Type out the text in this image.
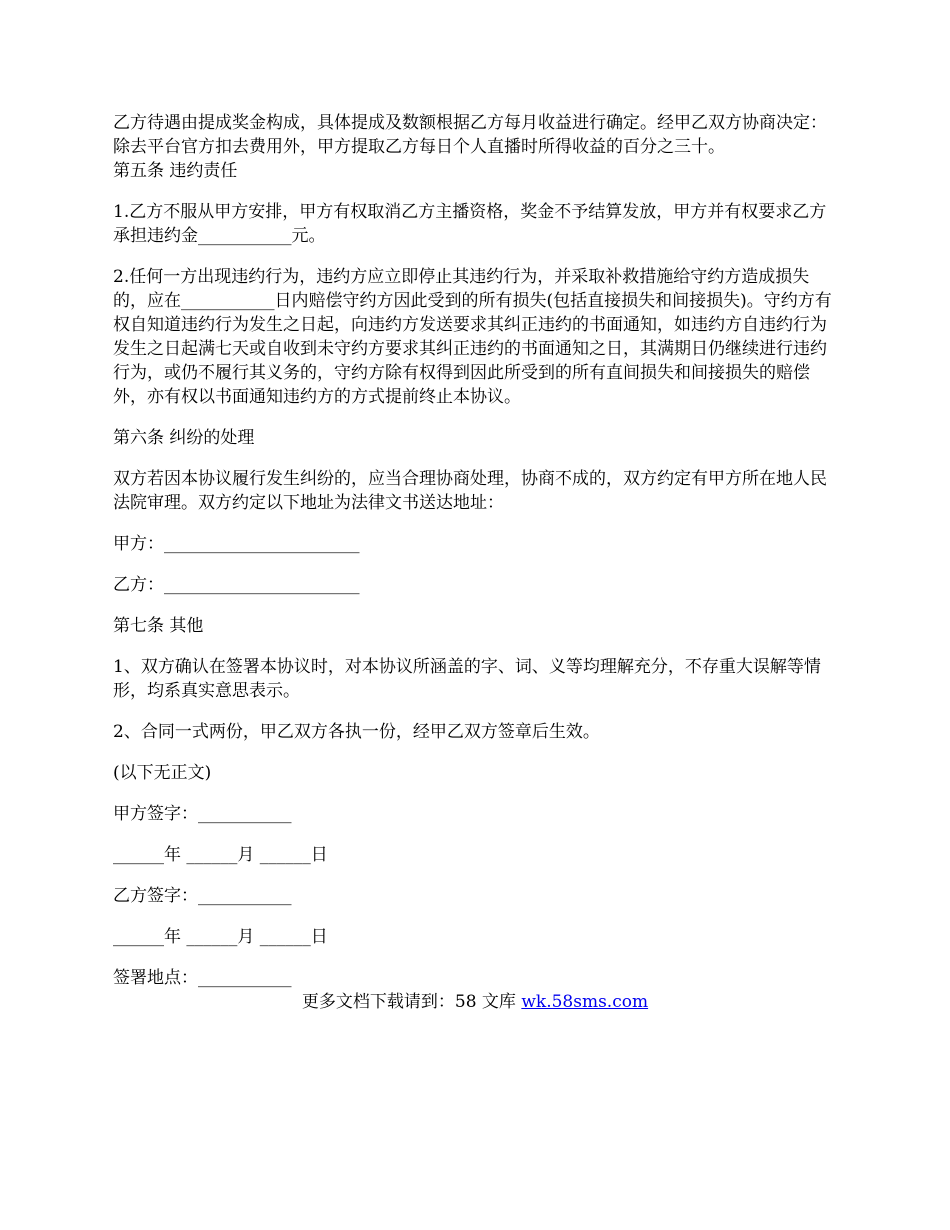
乙方待遇由提成奖金构成，具体提成及数额根据乙方每月收益进行确定。经甲乙双方协商决定：除去平台官方扣去费用外，甲方提取乙方每日个人直播时所得收益的百分之三十。

第五条 违约责任

1.乙方不服从甲方安排，甲方有权取消乙方主播资格，奖金不予结算发放，甲方并有权要求乙方承担违约金___________元。

2.任何一方出现违约行为，违约方应立即停止其违约行为，并采取补救措施给守约方造成损失的，应在___________日内赔偿守约方因此受到的所有损失(包括直接损失和间接损失)。守约方有权自知道违约行为发生之日起，向违约方发送要求其纠正违约的书面通知，如违约方自违约行为发生之日起满七天或自收到未守约方要求其纠正违约的书面通知之日，其满期日仍继续进行违约行为，或仍不履行其义务的，守约方除有权得到因此所受到的所有直间损失和间接损失的赔偿外，亦有权以书面通知违约方的方式提前终止本协议。

第六条 纠纷的处理

双方若因本协议履行发生纠纷的，应当合理协商处理，协商不成的，双方约定有甲方所在地人民法院审理。双方约定以下地址为法律文书送达地址：

甲方：_______________________

乙方：_______________________

第七条 其他

1、双方确认在签署本协议时，对本协议所涵盖的字、词、义等均理解充分，不存重大误解等情形，均系真实意思表示。

2、合同一式两份，甲乙双方各执一份，经甲乙双方签章后生效。

(以下无正文)

甲方签字：___________

______年 ______月 ______日

乙方签字：___________

______年 ______月 ______日

签署地点：___________

更多文档下载请到：58 文库 wk.58sms.com
